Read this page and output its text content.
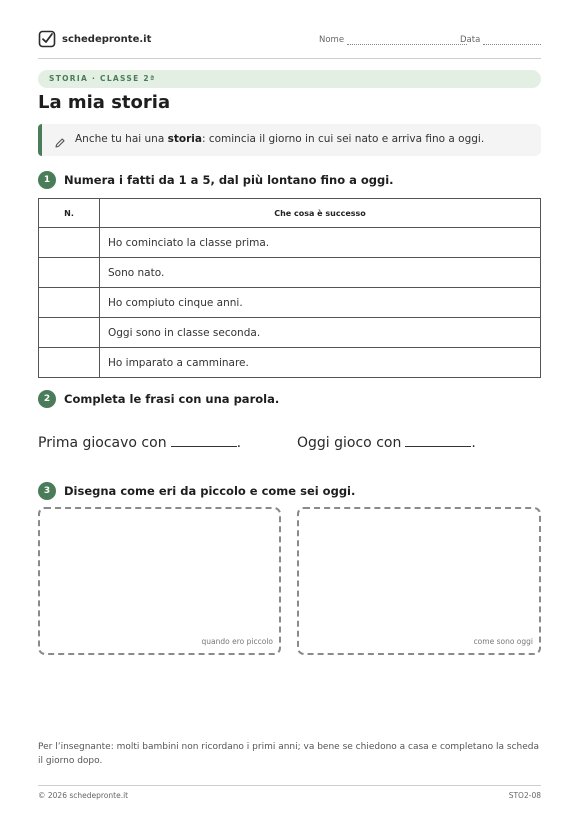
schedepronte.it	Nome	Data
STORIA · CLASSE 2ª
La mia storia
Anche tu hai una storia: comincia il giorno in cui sei nato e arriva fino a oggi.
1	Numera i fatti da 1 a 5, dal più lontano fino a oggi.
N.	Che cosa è successo
	Ho cominciato la classe prima.
	Sono nato.
	Ho compiuto cinque anni.
	Oggi sono in classe seconda.
	Ho imparato a camminare.
2	Completa le frasi con una parola.
Prima giocavo con	.	Oggi gioco con	.
3	Disegna come eri da piccolo e come sei oggi.
quando ero piccolo	come sono oggi
Per l’insegnante: molti bambini non ricordano i primi anni; va bene se chiedono a casa e completano la scheda il giorno dopo.
© 2026 schedepronte.it	STO2-08
